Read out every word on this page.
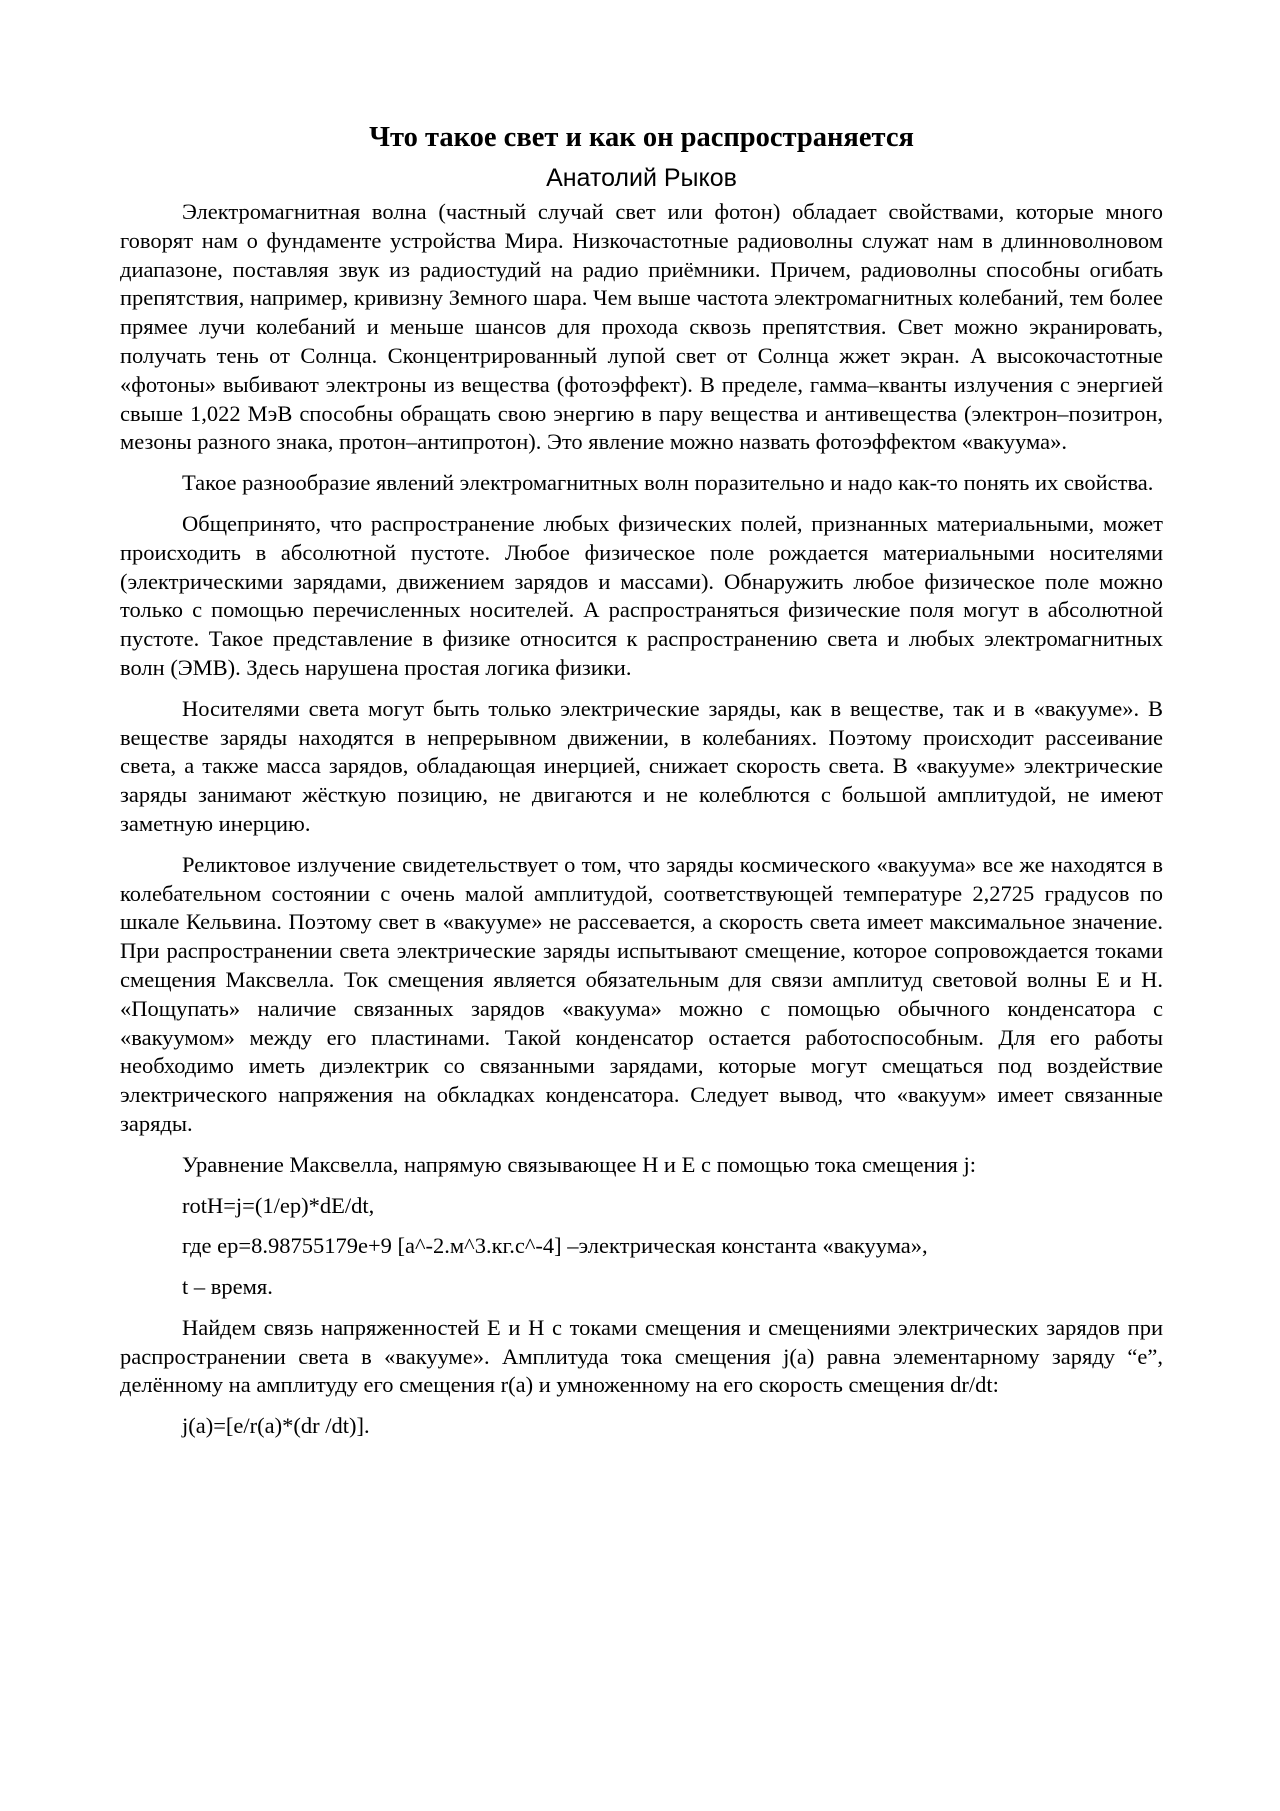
Что такое свет и как он распространяется
Анатолий Рыков

Электромагнитная волна (частный случай свет или фотон) обладает свойствами, которые много говорят нам о фундаменте устройства Мира. Низкочастотные радиоволны служат нам в длинноволновом диапазоне, поставляя звук из радиостудий на радио приёмники. Причем, радиоволны способны огибать препятствия, например, кривизну Земного шара. Чем выше частота электромагнитных колебаний, тем более прямее лучи колебаний и меньше шансов для прохода сквозь препятствия. Свет можно экранировать, получать тень от Солнца. Сконцентрированный лупой свет от Солнца жжет экран. А высокочастотные «фотоны» выбивают электроны из вещества (фотоэффект). В пределе, гамма–кванты излучения с энергией свыше 1,022 МэВ способны обращать свою энергию в пару вещества и антивещества (электрон–позитрон, мезоны разного знака, протон–антипротон). Это явление можно назвать фотоэффектом «вакуума».

Такое разнообразие явлений электромагнитных волн поразительно и надо как-то понять их свойства.

Общепринято, что распространение любых физических полей, признанных материальными, может происходить в абсолютной пустоте. Любое физическое поле рождается материальными носителями (электрическими зарядами, движением зарядов и массами). Обнаружить любое физическое поле можно только с помощью перечисленных носителей. А распространяться физические поля могут в абсолютной пустоте. Такое представление в физике относится к распространению света и любых электромагнитных волн (ЭМВ). Здесь нарушена простая логика физики.

Носителями света могут быть только электрические заряды, как в веществе, так и в «вакууме». В веществе заряды находятся в непрерывном движении, в колебаниях. Поэтому происходит рассеивание света, а также масса зарядов, обладающая инерцией, снижает скорость света. В «вакууме» электрические заряды занимают жёсткую позицию, не двигаются и не колеблются с большой амплитудой, не имеют заметную инерцию.

Реликтовое излучение свидетельствует о том, что заряды космического «вакуума» все же находятся в колебательном состоянии с очень малой амплитудой, соответствующей температуре 2,2725 градусов по шкале Кельвина. Поэтому свет в «вакууме» не рассевается, а скорость света имеет максимальное значение. При распространении света электрические заряды испытывают смещение, которое сопровождается токами смещения Максвелла. Ток смещения является обязательным для связи амплитуд световой волны Е и Н. «Пощупать» наличие связанных зарядов «вакуума» можно с помощью обычного конденсатора с «вакуумом» между его пластинами. Такой конденсатор остается работоспособным. Для его работы необходимо иметь диэлектрик со связанными зарядами, которые могут смещаться под воздействие электрического напряжения на обкладках конденсатора. Следует вывод, что «вакуум» имеет связанные заряды.

Уравнение Максвелла, напрямую связывающее Н и Е с помощью тока смещения j:

rotH=j=(1/ep)*dE/dt,

где ep=8.98755179e+9 [а^-2.м^3.кг.с^-4] –электрическая константа «вакуума»,

t – время.

Найдем связь напряженностей Е и Н с токами смещения и смещениями электрических зарядов при распространении света в «вакууме». Амплитуда тока смещения j(a) равна элементарному заряду “е”, делённому на амплитуду его смещения r(a) и умноженному на его скорость смещения dr/dt:

j(a)=[e/r(a)*(dr /dt)].
